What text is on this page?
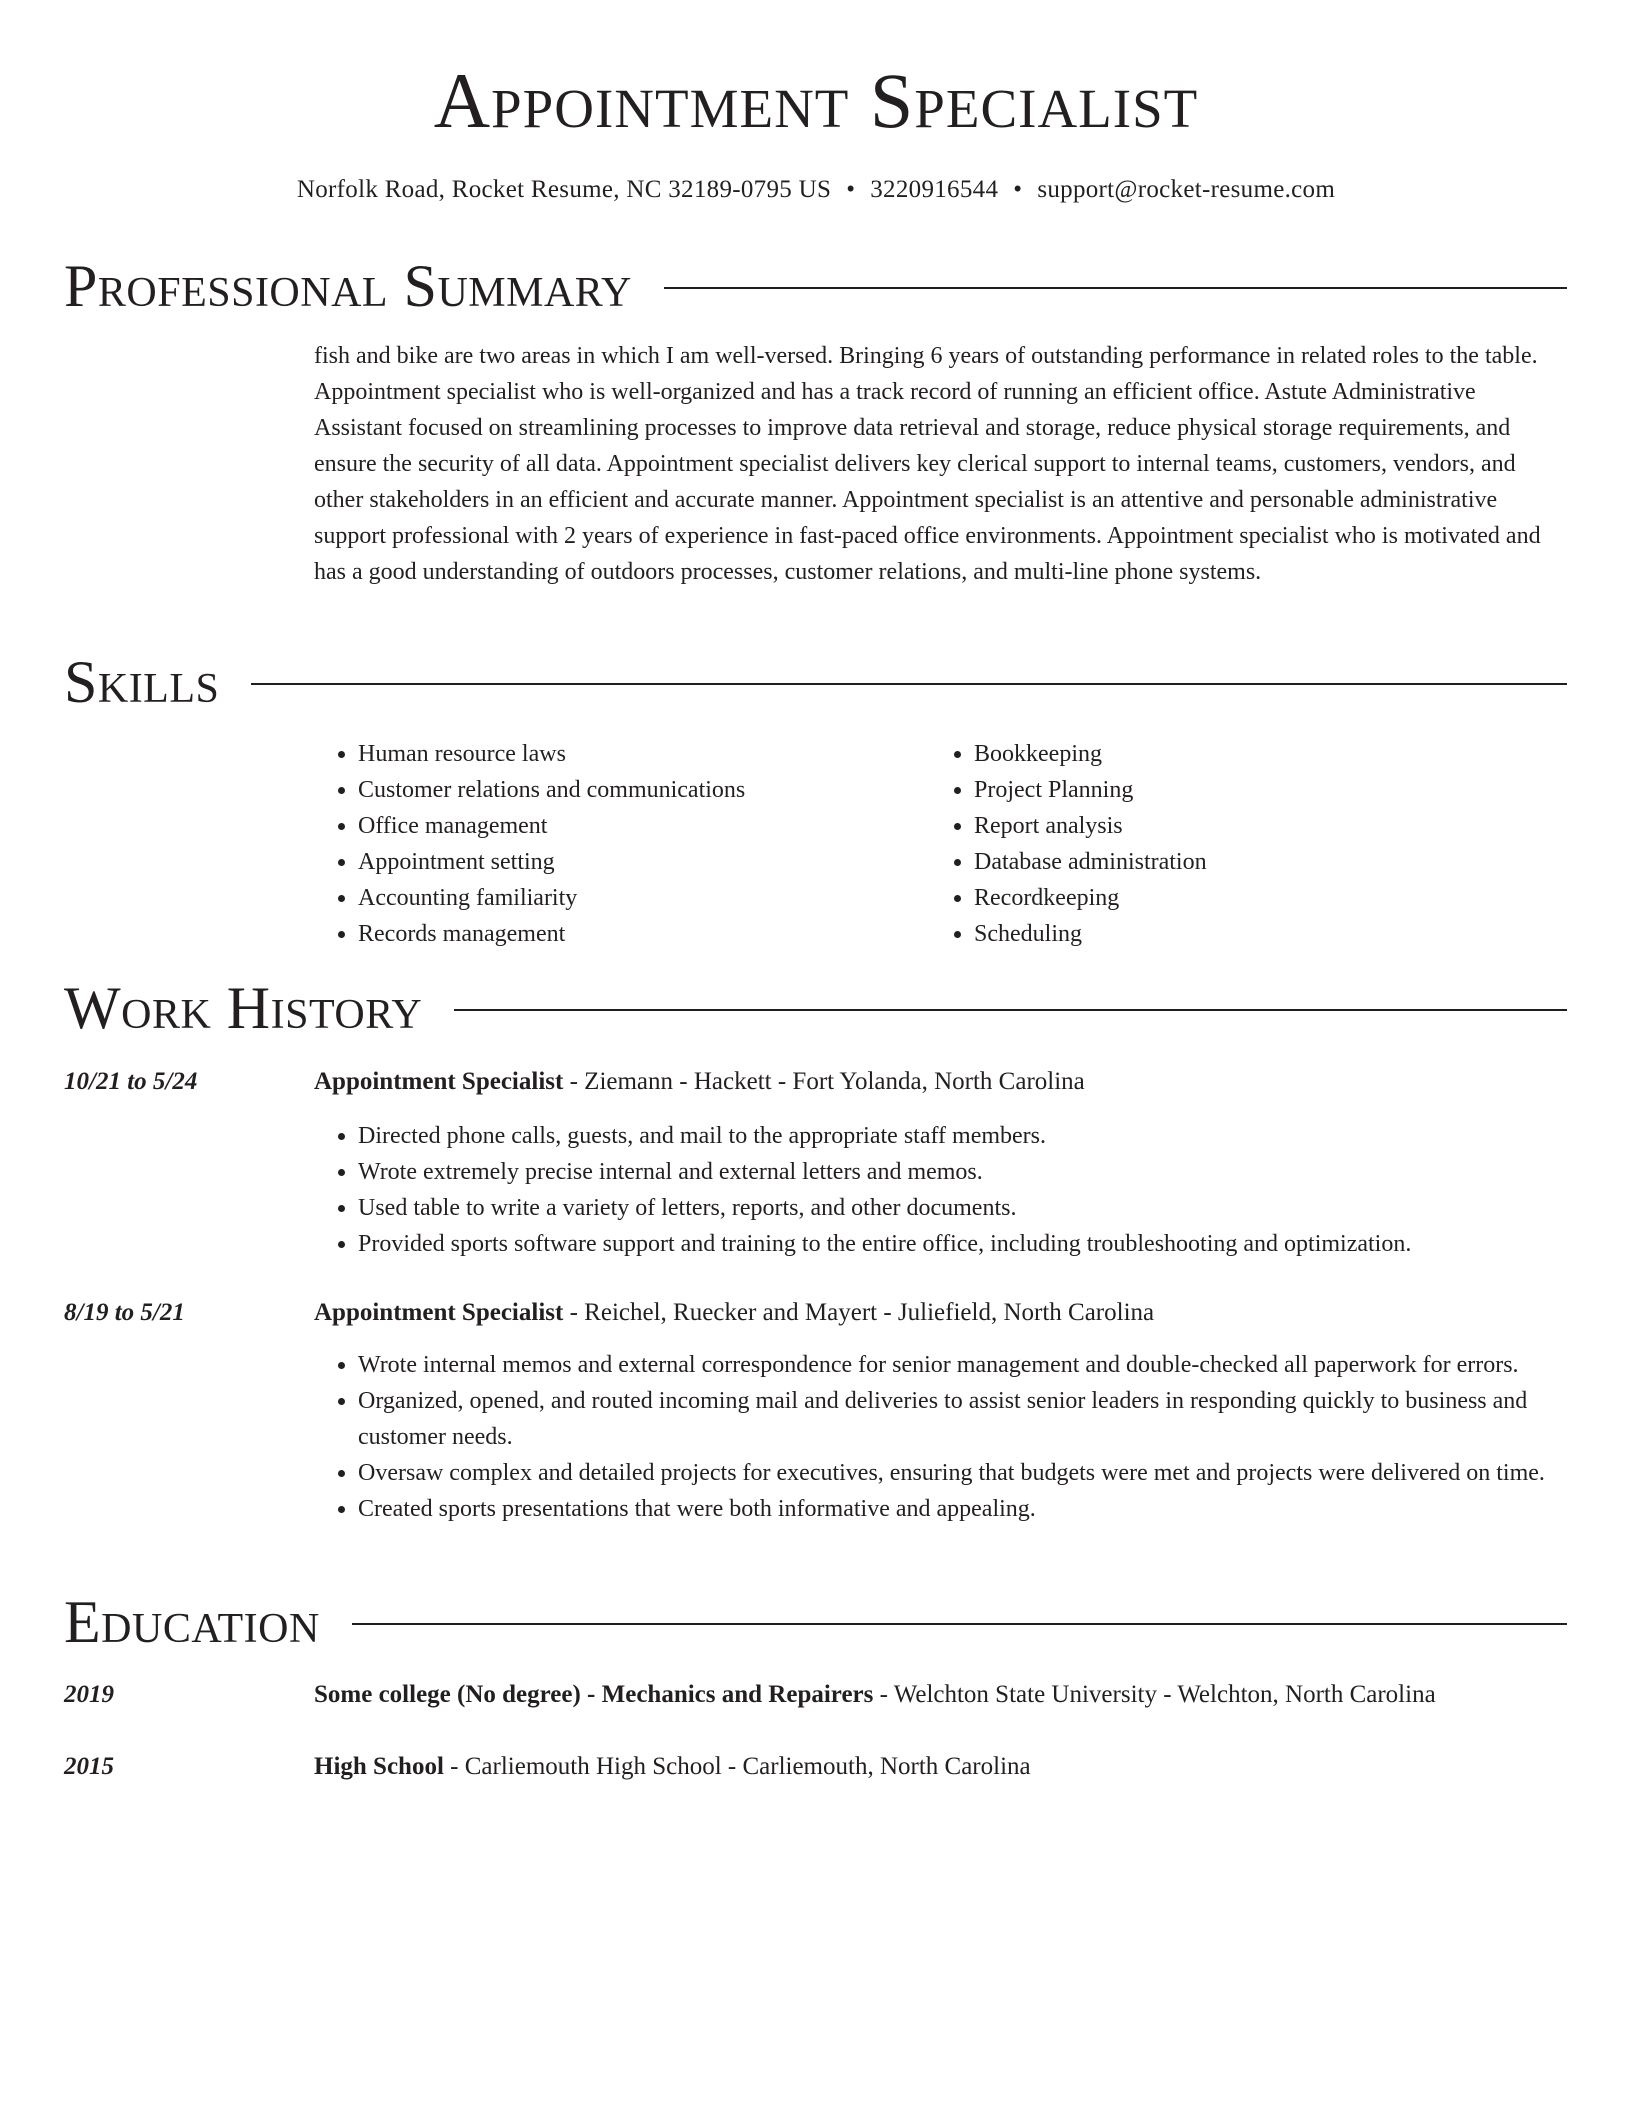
Appointment Specialist
Norfolk Road, Rocket Resume, NC 32189-0795 US • 3220916544 • support@rocket-resume.com
Professional Summary

fish and bike are two areas in which I am well-versed. Bringing 6 years of outstanding performance in related roles to the table. Appointment specialist who is well-organized and has a track record of running an efficient office. Astute Administrative Assistant focused on streamlining processes to improve data retrieval and storage, reduce physical storage requirements, and ensure the security of all data. Appointment specialist delivers key clerical support to internal teams, customers, vendors, and other stakeholders in an efficient and accurate manner. Appointment specialist is an attentive and personable administrative support professional with 2 years of experience in fast-paced office environments. Appointment specialist who is motivated and has a good understanding of outdoors processes, customer relations, and multi-line phone systems.

Skills
• Human resource laws
• Customer relations and communications
• Office management
• Appointment setting
• Accounting familiarity
• Records management
• Bookkeeping
• Project Planning
• Report analysis
• Database administration
• Recordkeeping
• Scheduling
Work History
10/21 to 5/24	Appointment Specialist - Ziemann - Hackett - Fort Yolanda, North Carolina
• Directed phone calls, guests, and mail to the appropriate staff members.
• Wrote extremely precise internal and external letters and memos.
• Used table to write a variety of letters, reports, and other documents.
• Provided sports software support and training to the entire office, including troubleshooting and optimization.
8/19 to 5/21	Appointment Specialist - Reichel, Ruecker and Mayert - Juliefield, North Carolina
• Wrote internal memos and external correspondence for senior management and double-checked all paperwork for errors.
• Organized, opened, and routed incoming mail and deliveries to assist senior leaders in responding quickly to business and customer needs.
• Oversaw complex and detailed projects for executives, ensuring that budgets were met and projects were delivered on time.
• Created sports presentations that were both informative and appealing.
Education
2019	Some college (No degree) - Mechanics and Repairers - Welchton State University - Welchton, North Carolina
2015	High School - Carliemouth High School - Carliemouth, North Carolina
